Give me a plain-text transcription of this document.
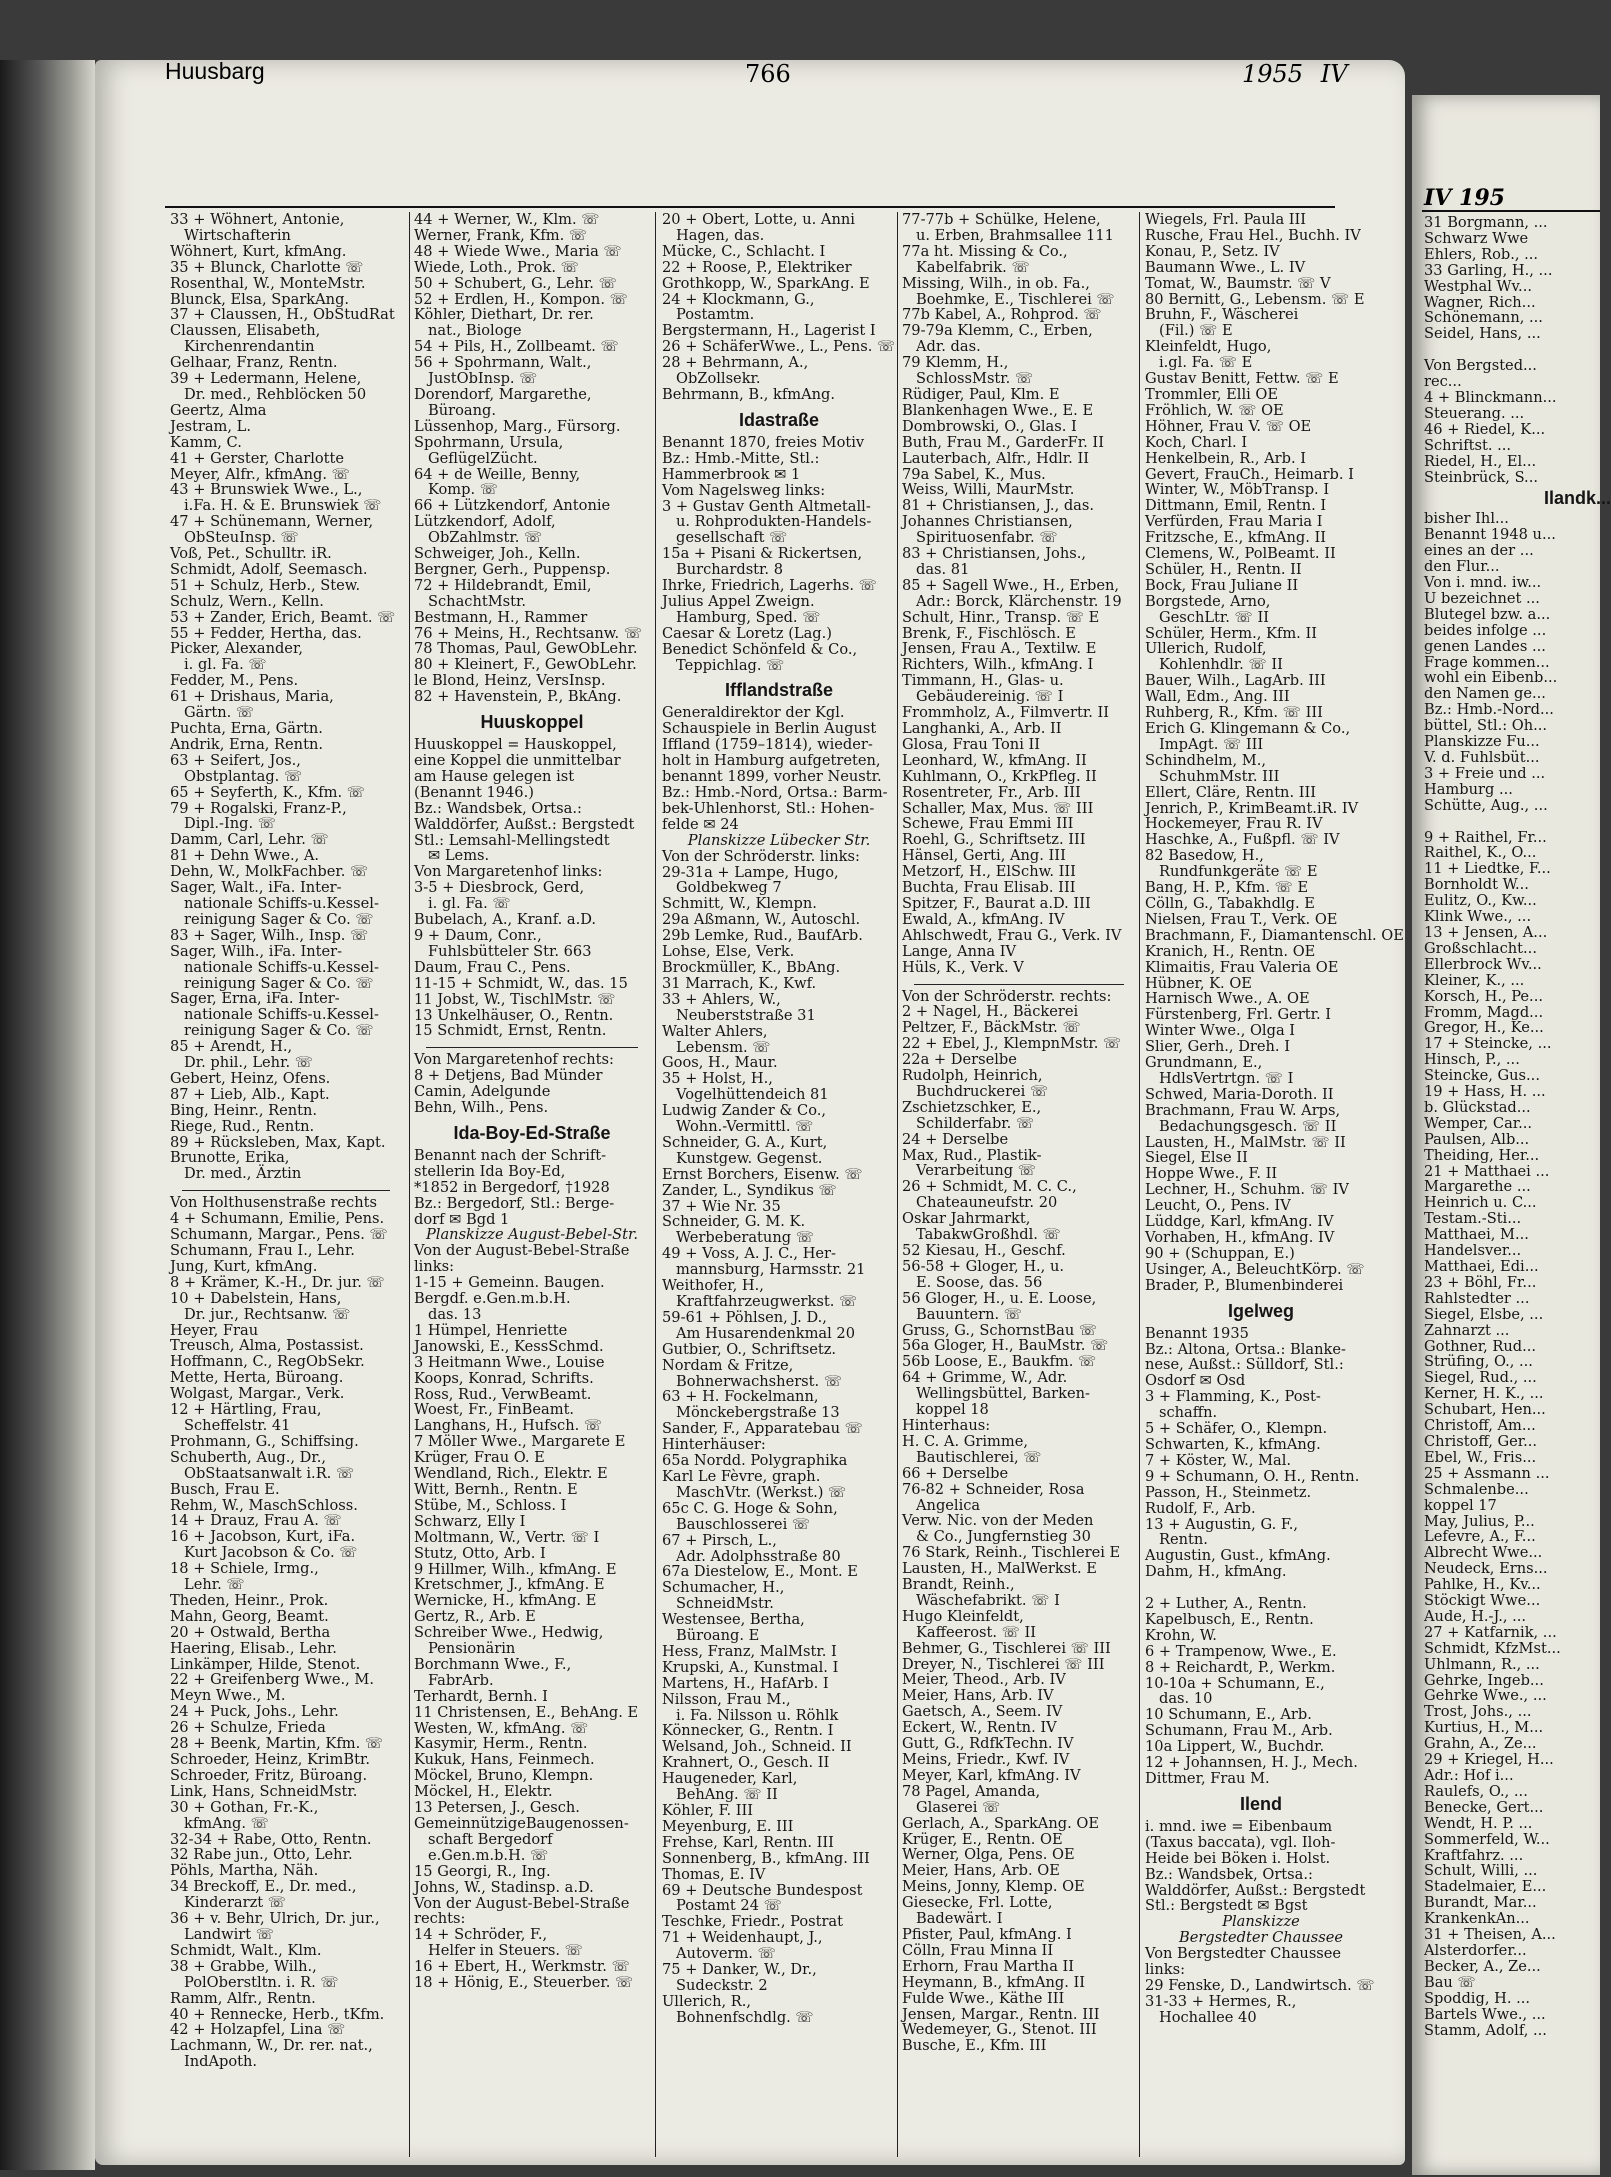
IV 195

31 Borgmann, ...

Schwarz Wwe

Ehlers, Rob., ...

33 Garling, H., ...

Westphal Wv...

Wagner, Rich...

Schönemann, ...

Seidel, Hans, ...

Von Bergsted...

rec...

4 + Blinckmann...

Steuerang. ...

46 + Riedel, K...

Schriftst. ...

Riedel, H., El...

Steinbrück, S...

Ilandk...

bisher Ihl...

Benannt 1948 u...

eines an der ...

den Flur...

Von i. mnd. iw...

U bezeichnet ...

Blutegel bzw. a...

beides infolge ...

genen Landes ...

Frage kommen...

wohl ein Eibenb...

den Namen ge...

Bz.: Hmb.-Nord...

büttel, Stl.: Oh...

Planskizze Fu...

V. d. Fuhlsbüt...

3 + Freie und ...

Hamburg ...

Schütte, Aug., ...

9 + Raithel, Fr...

Raithel, K., O...

11 + Liedtke, F...

Bornholdt W...

Eulitz, O., Kw...

Klink Wwe., ...

13 + Jensen, A...

Großschlacht...

Ellerbrock Wv...

Kleiner, K., ...

Korsch, H., Pe...

Fromm, Magd...

Gregor, H., Ke...

17 + Steincke, ...

Hinsch, P., ...

Steincke, Gus...

19 + Hass, H. ...

b. Glückstad...

Wemper, Car...

Paulsen, Alb...

Theiding, Her...

21 + Matthaei ...

Margarethe ...

Heinrich u. C...

Testam.-Sti...

Matthaei, M...

Handelsver...

Matthaei, Edi...

23 + Böhl, Fr...

Rahlstedter ...

Siegel, Elsbe, ...

Zahnarzt ...

Gothner, Rud...

Strüfing, O., ...

Siegel, Rud., ...

Kerner, H. K., ...

Schubart, Hen...

Christoff, Am...

Christoff, Ger...

Ebel, W., Fris...

25 + Assmann ...

Schmalenbe...

koppel 17

May, Julius, P...

Lefevre, A., F...

Albrecht Wwe...

Neudeck, Erns...

Pahlke, H., Kv...

Stöckigt Wwe...

Aude, H.-J., ...

27 + Katfarnik, ...

Schmidt, KfzMst...

Uhlmann, R., ...

Gehrke, Ingeb...

Gehrke Wwe., ...

Trost, Johs., ...

Kurtius, H., M...

Grahn, A., Ze...

29 + Kriegel, H...

Adr.: Hof i...

Raulefs, O., ...

Benecke, Gert...

Wendt, H. P. ...

Sommerfeld, W...

Kraftfahrz. ...

Schult, Willi, ...

Stadelmaier, E...

Burandt, Mar...

KrankenkAn...

31 + Theisen, A...

Alsterdorfer...

Becker, A., Ze...

Bau ☏

Spoddig, H. ...

Bartels Wwe., ...

Stamm, Adolf, ...

Huusbarg	766	1955 IV

33 + Wöhnert, Antonie,

Wirtschafterin

Wöhnert, Kurt, kfmAng.

35 + Blunck, Charlotte ☏

Rosenthal, W., MonteMstr.

Blunck, Elsa, SparkAng.

37 + Claussen, H., ObStudRat

Claussen, Elisabeth,

Kirchenrendantin

Gelhaar, Franz, Rentn.

39 + Ledermann, Helene,

Dr. med., Rehblöcken 50

Geertz, Alma

Jestram, L.

Kamm, C.

41 + Gerster, Charlotte

Meyer, Alfr., kfmAng. ☏

43 + Brunswiek Wwe., L.,

i.Fa. H. & E. Brunswiek ☏

47 + Schünemann, Werner,

ObSteuInsp. ☏

Voß, Pet., Schulltr. iR.

Schmidt, Adolf, Seemasch.

51 + Schulz, Herb., Stew.

Schulz, Wern., Kelln.

53 + Zander, Erich, Beamt. ☏

55 + Fedder, Hertha, das.

Picker, Alexander,

i. gl. Fa. ☏

Fedder, M., Pens.

61 + Drishaus, Maria,

Gärtn. ☏

Puchta, Erna, Gärtn.

Andrik, Erna, Rentn.

63 + Seifert, Jos.,

Obstplantag. ☏

65 + Seyferth, K., Kfm. ☏

79 + Rogalski, Franz-P.,

Dipl.-Ing. ☏

Damm, Carl, Lehr. ☏

81 + Dehn Wwe., A.

Dehn, W., MolkFachber. ☏

Sager, Walt., iFa. Inter-

nationale Schiffs-u.Kessel-

reinigung Sager & Co. ☏

83 + Sager, Wilh., Insp. ☏

Sager, Wilh., iFa. Inter-

nationale Schiffs-u.Kessel-

reinigung Sager & Co. ☏

Sager, Erna, iFa. Inter-

nationale Schiffs-u.Kessel-

reinigung Sager & Co. ☏

85 + Arendt, H.,

Dr. phil., Lehr. ☏

Gebert, Heinz, Ofens.

87 + Lieb, Alb., Kapt.

Bing, Heinr., Rentn.

Riege, Rud., Rentn.

89 + Rücksleben, Max, Kapt.

Brunotte, Erika,

Dr. med., Ärztin

Von Holthusenstraße rechts

4 + Schumann, Emilie, Pens.

Schumann, Margar., Pens. ☏

Schumann, Frau I., Lehr.

Jung, Kurt, kfmAng.

8 + Krämer, K.-H., Dr. jur. ☏

10 + Dabelstein, Hans,

Dr. jur., Rechtsanw. ☏

Heyer, Frau

Treusch, Alma, Postassist.

Hoffmann, C., RegObSekr.

Mette, Herta, Büroang.

Wolgast, Margar., Verk.

12 + Härtling, Frau,

Scheffelstr. 41

Prohmann, G., Schiffsing.

Schuberth, Aug., Dr.,

ObStaatsanwalt i.R. ☏

Busch, Frau E.

Rehm, W., MaschSchloss.

14 + Drauz, Frau A. ☏

16 + Jacobson, Kurt, iFa.

Kurt Jacobson & Co. ☏

18 + Schiele, Irmg.,

Lehr. ☏

Theden, Heinr., Prok.

Mahn, Georg, Beamt.

20 + Ostwald, Bertha

Haering, Elisab., Lehr.

Linkämper, Hilde, Stenot.

22 + Greifenberg Wwe., M.

Meyn Wwe., M.

24 + Puck, Johs., Lehr.

26 + Schulze, Frieda

28 + Beenk, Martin, Kfm. ☏

Schroeder, Heinz, KrimBtr.

Schroeder, Fritz, Büroang.

Link, Hans, SchneidMstr.

30 + Gothan, Fr.-K.,

kfmAng. ☏

32-34 + Rabe, Otto, Rentn.

32 Rabe jun., Otto, Lehr.

Pöhls, Martha, Näh.

34 Breckoff, E., Dr. med.,

Kinderarzt ☏

36 + v. Behr, Ulrich, Dr. jur.,

Landwirt ☏

Schmidt, Walt., Klm.

38 + Grabbe, Wilh.,

PolOberstltn. i. R. ☏

Ramm, Alfr., Rentn.

40 + Rennecke, Herb., tKfm.

42 + Holzapfel, Lina ☏

Lachmann, W., Dr. rer. nat.,

IndApoth.

44 + Werner, W., Klm. ☏

Werner, Frank, Kfm. ☏

48 + Wiede Wwe., Maria ☏

Wiede, Loth., Prok. ☏

50 + Schubert, G., Lehr. ☏

52 + Erdlen, H., Kompon. ☏

Köhler, Diethart, Dr. rer.

nat., Biologe

54 + Pils, H., Zollbeamt. ☏

56 + Spohrmann, Walt.,

JustObInsp. ☏

Dorendorf, Margarethe,

Büroang.

Lüssenhop, Marg., Fürsorg.

Spohrmann, Ursula,

GeflügelZücht.

64 + de Weille, Benny,

Komp. ☏

66 + Lützkendorf, Antonie

Lützkendorf, Adolf,

ObZahlmstr. ☏

Schweiger, Joh., Kelln.

Bergner, Gerh., Puppensp.

72 + Hildebrandt, Emil,

SchachtMstr.

Bestmann, H., Rammer

76 + Meins, H., Rechtsanw. ☏

78 Thomas, Paul, GewObLehr.

80 + Kleinert, F., GewObLehr.

le Blond, Heinz, VersInsp.

82 + Havenstein, P., BkAng.

Huuskoppel

Huuskoppel = Hauskoppel,

eine Koppel die unmittelbar

am Hause gelegen ist

(Benannt 1946.)

Bz.: Wandsbek, Ortsa.:

Walddörfer, Außst.: Bergstedt

Stl.: Lemsahl-Mellingstedt

✉ Lems.

Von Margaretenhof links:

3-5 + Diesbrock, Gerd,

i. gl. Fa. ☏

Bubelach, A., Kranf. a.D.

9 + Daum, Conr.,

Fuhlsbütteler Str. 663

Daum, Frau C., Pens.

11-15 + Schmidt, W., das. 15

11 Jobst, W., TischlMstr. ☏

13 Unkelhäuser, O., Rentn.

15 Schmidt, Ernst, Rentn.

Von Margaretenhof rechts:

8 + Detjens, Bad Münder

Camin, Adelgunde

Behn, Wilh., Pens.

Ida-Boy-Ed-Straße

Benannt nach der Schrift-

stellerin Ida Boy-Ed,

*1852 in Bergedorf, †1928

Bz.: Bergedorf, Stl.: Berge-

dorf ✉ Bgd 1

Planskizze August-Bebel-Str.

Von der August-Bebel-Straße

links:

1-15 + Gemeinn. Baugen.

Bergdf. e.Gen.m.b.H.

das. 13

1 Hümpel, Henriette

Janowski, E., KessSchmd.

3 Heitmann Wwe., Louise

Koops, Konrad, Schrifts.

Ross, Rud., VerwBeamt.

Woest, Fr., FinBeamt.

Langhans, H., Hufsch. ☏

7 Möller Wwe., Margarete E

Krüger, Frau O. E

Wendland, Rich., Elektr. E

Witt, Bernh., Rentn. E

Stübe, M., Schloss. I

Schwarz, Elly I

Moltmann, W., Vertr. ☏ I

Stutz, Otto, Arb. I

9 Hillmer, Wilh., kfmAng. E

Kretschmer, J., kfmAng. E

Wernicke, H., kfmAng. E

Gertz, R., Arb. E

Schreiber Wwe., Hedwig,

Pensionärin

Borchmann Wwe., F.,

FabrArb.

Terhardt, Bernh. I

11 Christensen, E., BehAng. E

Westen, W., kfmAng. ☏

Kasymir, Herm., Rentn.

Kukuk, Hans, Feinmech.

Möckel, Bruno, Klempn.

Möckel, H., Elektr.

13 Petersen, J., Gesch.

GemeinnützigeBaugenossen-

schaft Bergedorf

e.Gen.m.b.H. ☏

15 Georgi, R., Ing.

Johns, W., Stadinsp. a.D.

Von der August-Bebel-Straße

rechts:

14 + Schröder, F.,

Helfer in Steuers. ☏

16 + Ebert, H., Werkmstr. ☏

18 + Hönig, E., Steuerber. ☏

20 + Obert, Lotte, u. Anni

Hagen, das.

Mücke, C., Schlacht. I

22 + Roose, P., Elektriker

Grothkopp, W., SparkAng. E

24 + Klockmann, G.,

Postamtm.

Bergstermann, H., Lagerist I

26 + SchäferWwe., L., Pens. ☏

28 + Behrmann, A.,

ObZollsekr.

Behrmann, B., kfmAng.

Idastraße

Benannt 1870, freies Motiv

Bz.: Hmb.-Mitte, Stl.:

Hammerbrook ✉ 1

Vom Nagelsweg links:

3 + Gustav Genth Altmetall-

u. Rohprodukten-Handels-

gesellschaft ☏

15a + Pisani & Rickertsen,

Burchardstr. 8

Ihrke, Friedrich, Lagerhs. ☏

Julius Appel Zweign.

Hamburg, Sped. ☏

Caesar & Loretz (Lag.)

Benedict Schönfeld & Co.,

Teppichlag. ☏

Ifflandstraße

Generaldirektor der Kgl.

Schauspiele in Berlin August

Iffland (1759–1814), wieder-

holt in Hamburg aufgetreten,

benannt 1899, vorher Neustr.

Bz.: Hmb.-Nord, Ortsa.: Barm-

bek-Uhlenhorst, Stl.: Hohen-

felde ✉ 24

Planskizze Lübecker Str.

Von der Schröderstr. links:

29-31a + Lampe, Hugo,

Goldbekweg 7

Schmitt, W., Klempn.

29a Aßmann, W., Autoschl.

29b Lemke, Rud., BaufArb.

Lohse, Else, Verk.

Brockmüller, K., BbAng.

31 Marrach, K., Kwf.

33 + Ahlers, W.,

Neuberststraße 31

Walter Ahlers,

Lebensm. ☏

Goos, H., Maur.

35 + Holst, H.,

Vogelhüttendeich 81

Ludwig Zander & Co.,

Wohn.-Vermittl. ☏

Schneider, G. A., Kurt,

Kunstgew. Gegenst.

Ernst Borchers, Eisenw. ☏

Zander, L., Syndikus ☏

37 + Wie Nr. 35

Schneider, G. M. K.

Werbeberatung ☏

49 + Voss, A. J. C., Her-

mannsburg, Harmsstr. 21

Weithofer, H.,

Kraftfahrzeugwerkst. ☏

59-61 + Pöhlsen, J. D.,

Am Husarendenkmal 20

Gutbier, O., Schriftsetz.

Nordam & Fritze,

Bohnerwachsherst. ☏

63 + H. Fockelmann,

Mönckebergstraße 13

Sander, F., Apparatebau ☏

Hinterhäuser:

65a Nordd. Polygraphika

Karl Le Fèvre, graph.

MaschVtr. (Werkst.) ☏

65c C. G. Hoge & Sohn,

Bauschlosserei ☏

67 + Pirsch, L.,

Adr. Adolphsstraße 80

67a Diestelow, E., Mont. E

Schumacher, H.,

SchneidMstr.

Westensee, Bertha,

Büroang. E

Hess, Franz, MalMstr. I

Krupski, A., Kunstmal. I

Martens, H., HafArb. I

Nilsson, Frau M.,

i. Fa. Nilsson u. Röhlk

Könnecker, G., Rentn. I

Welsand, Joh., Schneid. II

Krahnert, O., Gesch. II

Haugeneder, Karl,

BehAng. ☏ II

Köhler, F. III

Meyenburg, E. III

Frehse, Karl, Rentn. III

Sonnenberg, B., kfmAng. III

Thomas, E. IV

69 + Deutsche Bundespost

Postamt 24 ☏

Teschke, Friedr., Postrat

71 + Weidenhaupt, J.,

Autoverm. ☏

75 + Danker, W., Dr.,

Sudeckstr. 2

Ullerich, R.,

Bohnenfschdlg. ☏

77-77b + Schülke, Helene,

u. Erben, Brahmsallee 111

77a ht. Missing & Co.,

Kabelfabrik. ☏

Missing, Wilh., in ob. Fa.,

Boehmke, E., Tischlerei ☏

77b Kabel, A., Rohprod. ☏

79-79a Klemm, C., Erben,

Adr. das.

79 Klemm, H.,

SchlossMstr. ☏

Rüdiger, Paul, Klm. E

Blankenhagen Wwe., E. E

Dombrowski, O., Glas. I

Buth, Frau M., GarderFr. II

Lauterbach, Alfr., Hdlr. II

79a Sabel, K., Mus.

Weiss, Willi, MaurMstr.

81 + Christiansen, J., das.

Johannes Christiansen,

Spirituosenfabr. ☏

83 + Christiansen, Johs.,

das. 81

85 + Sagell Wwe., H., Erben,

Adr.: Borck, Klärchenstr. 19

Schult, Hinr., Transp. ☏ E

Brenk, F., Fischlösch. E

Jensen, Frau A., Textilw. E

Richters, Wilh., kfmAng. I

Timmann, H., Glas- u.

Gebäudereinig. ☏ I

Frommholz, A., Filmvertr. II

Langhanki, A., Arb. II

Glosa, Frau Toni II

Leonhard, W., kfmAng. II

Kuhlmann, O., KrkPfleg. II

Rosentreter, Fr., Arb. III

Schaller, Max, Mus. ☏ III

Schewe, Frau Emmi III

Roehl, G., Schriftsetz. III

Hänsel, Gerti, Ang. III

Metzorf, H., ElSchw. III

Buchta, Frau Elisab. III

Spitzer, F., Baurat a.D. III

Ewald, A., kfmAng. IV

Ahlschwedt, Frau G., Verk. IV

Lange, Anna IV

Hüls, K., Verk. V

Von der Schröderstr. rechts:

2 + Nagel, H., Bäckerei

Peltzer, F., BäckMstr. ☏

22 + Ebel, J., KlempnMstr. ☏

22a + Derselbe

Rudolph, Heinrich,

Buchdruckerei ☏

Zschietzschker, E.,

Schilderfabr. ☏

24 + Derselbe

Max, Rud., Plastik-

Verarbeitung ☏

26 + Schmidt, M. C. C.,

Chateauneufstr. 20

Oskar Jahrmarkt,

TabakwGroßhdl. ☏

52 Kiesau, H., Geschf.

56-58 + Gloger, H., u.

E. Soose, das. 56

56 Gloger, H., u. E. Loose,

Bauuntern. ☏

Gruss, G., SchornstBau ☏

56a Gloger, H., BauMstr. ☏

56b Loose, E., Baukfm. ☏

64 + Grimme, W., Adr.

Wellingsbüttel, Barken-

koppel 18

Hinterhaus:

H. C. A. Grimme,

Bautischlerei, ☏

66 + Derselbe

76-82 + Schneider, Rosa

Angelica

Verw. Nic. von der Meden

& Co., Jungfernstieg 30

76 Stark, Reinh., Tischlerei E

Lausten, H., MalWerkst. E

Brandt, Reinh.,

Wäschefabrikt. ☏ I

Hugo Kleinfeldt,

Kaffeerost. ☏ II

Behmer, G., Tischlerei ☏ III

Dreyer, N., Tischlerei ☏ III

Meier, Theod., Arb. IV

Meier, Hans, Arb. IV

Gaetsch, A., Seem. IV

Eckert, W., Rentn. IV

Gutt, G., RdfkTechn. IV

Meins, Friedr., Kwf. IV

Meyer, Karl, kfmAng. IV

78 Pagel, Amanda,

Glaserei ☏

Gerlach, A., SparkAng. OE

Krüger, E., Rentn. OE

Werner, Olga, Pens. OE

Meier, Hans, Arb. OE

Meins, Jonny, Klemp. OE

Giesecke, Frl. Lotte,

Badewärt. I

Pfister, Paul, kfmAng. I

Cölln, Frau Minna II

Erhorn, Frau Martha II

Heymann, B., kfmAng. II

Fulde Wwe., Käthe III

Jensen, Margar., Rentn. III

Wedemeyer, G., Stenot. III

Busche, E., Kfm. III

Wiegels, Frl. Paula III

Rusche, Frau Hel., Buchh. IV

Konau, P., Setz. IV

Baumann Wwe., L. IV

Tomat, W., Baumstr. ☏ V

80 Bernitt, G., Lebensm. ☏ E

Bruhn, F., Wäscherei

(Fil.) ☏ E

Kleinfeldt, Hugo,

i.gl. Fa. ☏ E

Gustav Benitt, Fettw. ☏ E

Trommler, Elli OE

Fröhlich, W. ☏ OE

Höhner, Frau V. ☏ OE

Koch, Charl. I

Henkelbein, R., Arb. I

Gevert, FrauCh., Heimarb. I

Winter, W., MöbTransp. I

Dittmann, Emil, Rentn. I

Verfürden, Frau Maria I

Fritzsche, E., kfmAng. II

Clemens, W., PolBeamt. II

Schüler, H., Rentn. II

Bock, Frau Juliane II

Borgstede, Arno,

GeschLtr. ☏ II

Schüler, Herm., Kfm. II

Ullerich, Rudolf,

Kohlenhdlr. ☏ II

Bauer, Wilh., LagArb. III

Wall, Edm., Ang. III

Ruhberg, R., Kfm. ☏ III

Erich G. Klingemann & Co.,

ImpAgt. ☏ III

Schindhelm, M.,

SchuhmMstr. III

Ellert, Cläre, Rentn. III

Jenrich, P., KrimBeamt.iR. IV

Hockemeyer, Frau R. IV

Haschke, A., Fußpfl. ☏ IV

82 Basedow, H.,

Rundfunkgeräte ☏ E

Bang, H. P., Kfm. ☏ E

Cölln, G., Tabakhdlg. E

Nielsen, Frau T., Verk. OE

Brachmann, F., Diamantenschl. OE

Kranich, H., Rentn. OE

Klimaitis, Frau Valeria OE

Hübner, K. OE

Harnisch Wwe., A. OE

Fürstenberg, Frl. Gertr. I

Winter Wwe., Olga I

Slier, Gerh., Dreh. I

Grundmann, E.,

HdlsVertrtgn. ☏ I

Schwed, Maria-Doroth. II

Brachmann, Frau W. Arps,

Bedachungsgesch. ☏ II

Lausten, H., MalMstr. ☏ II

Siegel, Else II

Hoppe Wwe., F. II

Lechner, H., Schuhm. ☏ IV

Leucht, O., Pens. IV

Lüddge, Karl, kfmAng. IV

Vorhaben, H., kfmAng. IV

90 + (Schuppan, E.)

Usinger, A., BeleuchtKörp. ☏

Brader, P., Blumenbinderei

Igelweg

Benannt 1935

Bz.: Altona, Ortsa.: Blanke-

nese, Außst.: Sülldorf, Stl.:

Osdorf ✉ Osd

3 + Flamming, K., Post-

schaffn.

5 + Schäfer, O., Klempn.

Schwarten, K., kfmAng.

7 + Köster, W., Mal.

9 + Schumann, O. H., Rentn.

Passon, H., Steinmetz.

Rudolf, F., Arb.

13 + Augustin, G. F.,

Rentn.

Augustin, Gust., kfmAng.

Dahm, H., kfmAng.

2 + Luther, A., Rentn.

Kapelbusch, E., Rentn.

Krohn, W.

6 + Trampenow, Wwe., E.

8 + Reichardt, P., Werkm.

10-10a + Schumann, E.,

das. 10

10 Schumann, E., Arb.

Schumann, Frau M., Arb.

10a Lippert, W., Buchdr.

12 + Johannsen, H. J., Mech.

Dittmer, Frau M.

Ilend

i. mnd. iwe = Eibenbaum

(Taxus baccata), vgl. Iloh-

Heide bei Böken i. Holst.

Bz.: Wandsbek, Ortsa.:

Walddörfer, Außst.: Bergstedt

Stl.: Bergstedt ✉ Bgst

Planskizze

Bergstedter Chaussee

Von Bergstedter Chaussee

links:

29 Fenske, D., Landwirtsch. ☏

31-33 + Hermes, R.,

Hochallee 40
